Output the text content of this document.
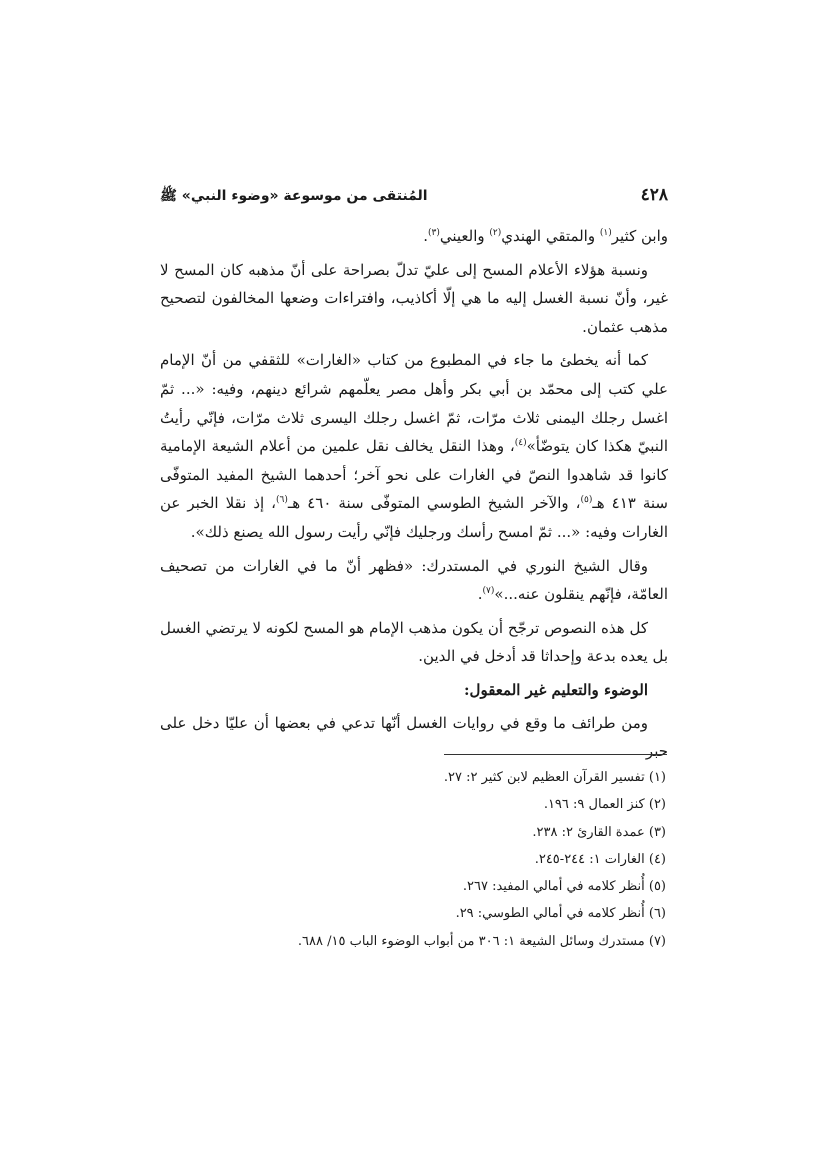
٤٢٨
المُنتقى من موسوعة «وضوء النبي» ﷺ

وابن كثير$^{(١)}$ والمتقي الهندي$^{(٢)}$ والعيني$^{(٣)}$.

ونسبة هؤلاء الأعلام المسح إلى عليّ تدلّ بصراحة على أنّ مذهبه كان المسح لا غير، وأنّ نسبة الغسل إليه ما هي إلّا أكاذيب، وافتراءات وضعها المخالفون لتصحيح مذهب عثمان.

كما أنه يخطئ ما جاء في المطبوع من كتاب «الغارات» للثقفي من أنّ الإمام علي كتب إلى محمّد بن أبي بكر وأهل مصر يعلّمهم شرائع دينهم، وفيه: «... ثمّ اغسل رجلك اليمنى ثلاث مرّات، ثمّ اغسل رجلك اليسرى ثلاث مرّات، فإنّي رأيتُ النبيّ هكذا كان يتوضّأ»$^{(٤)}$، وهذا النقل يخالف نقل علمين من أعلام الشيعة الإمامية كانوا قد شاهدوا النصّ في الغارات على نحو آخر؛ أحدهما الشيخ المفيد المتوفّى سنة ٤١٣ هـ$^{(٥)}$، والآخر الشيخ الطوسي المتوفّى سنة ٤٦٠ هـ$^{(٦)}$، إذ نقلا الخبر عن الغارات وفيه: «... ثمّ امسح رأسك ورجليك فإنّي رأيت رسول الله يصنع ذلك».

وقال الشيخ النوري في المستدرك: «فظهر أنّ ما في الغارات من تصحيف العامّة، فإنّهم ينقلون عنه...»$^{(٧)}$.

كل هذه النصوص ترجّح أن يكون مذهب الإمام هو المسح لكونه لا يرتضي الغسل بل يعده بدعة وإحداثا قد أدخل في الدين.

الوضوء والتعليم غير المعقول:

ومن طرائف ما وقع في روايات الغسل أنّها تدعي في بعضها أن عليّا دخل على حبر

(١) تفسير القرآن العظيم لابن كثير ٢: ٢٧.
(٢) كنز العمال ٩: ١٩٦.
(٣) عمدة القارئ ٢: ٢٣٨.
(٤) الغارات ١: ٢٤٤-٢٤٥.
(٥) أُنظر كلامه في أمالي المفيد: ٢٦٧.
(٦) أُنظر كلامه في أمالي الطوسي: ٢٩.
(٧) مستدرك وسائل الشيعة ١: ٣٠٦ من أبواب الوضوء الباب ١٥/ ٦٨٨.
